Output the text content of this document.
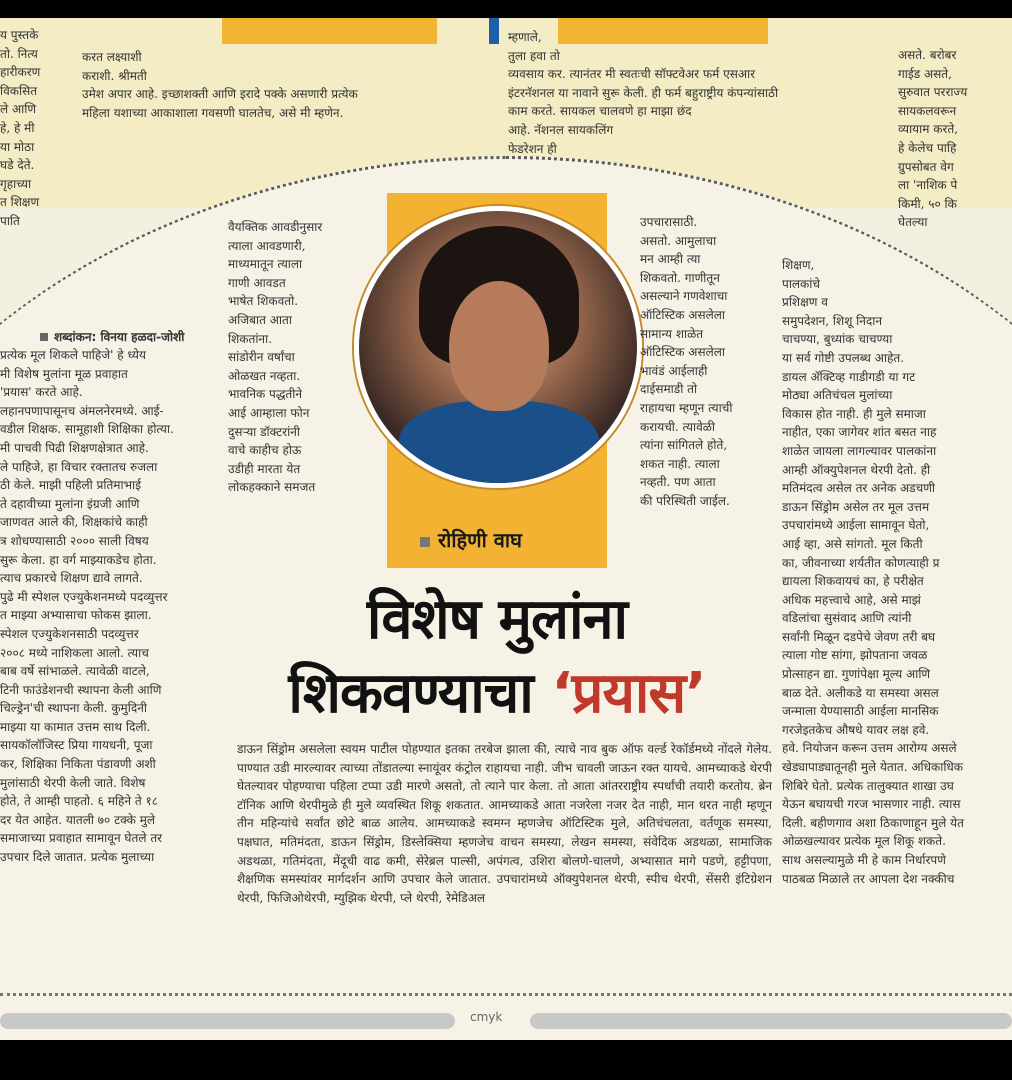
य पुस्तके
तो. नित्य
हारीकरण
विकसित
ले आणि
हे, हे मी
या मोठा
घडे देते.
गृहाच्या
त शिक्षण
पाति
करत लक्ष्याशी
कराशी. श्रीमती
उमेश अपार आहे. इच्छाशक्ती आणि इरादे पक्के असणारी प्रत्येक
महिला यशाच्या आकाशाला गवसणी घालतेच, असे मी म्हणेन.
म्हणाले,
तुला हवा तो
व्यवसाय कर. त्यानंतर मी स्वतःची सॉफ्टवेअर फर्म एसआर
इंटरनॅशनल या नावाने सुरू केली. ही फर्म बहुराष्ट्रीय कंपन्यांसाठी
काम करते. सायकल चालवणे हा माझा छंद
आहे. नॅशनल सायकलिंग
फेडरेशन ही

असते. बरोबर
गाईड असते,
सुरुवात परराज्य
सायकलवरून
व्यायाम करते,
हे केलेच पाहि
ग्रुपसोबत वेग
ला 'नाशिक पे
किमी, ५० कि
घेतल्या
शब्दांकन: विनया हळदा-जोशी
प्रत्येक मूल शिकले पाहिजे' हे ध्येय
मी विशेष मुलांना मूळ प्रवाहात
'प्रयास' करते आहे.
लहानपणापासूनच अंमलनेरमध्ये. आई-
वडील शिक्षक. सामूहाशी शिक्षिका होत्या.
मी पाचवी पिढी शिक्षणक्षेत्रात आहे.
ले पाहिजे, हा विचार रक्तातच रुजला
ठी केले. माझी पहिली प्रतिमाभाई
ते दहावीच्या मुलांना इंग्रजी आणि
जाणवत आले की, शिक्षकांचे काही
त्र शोधण्यासाठी २००० साली विषय
सुरू केला. हा वर्ग माझ्याकडेच होता.
त्याच प्रकारचे शिक्षण द्यावे लागते.
पुढे मी स्पेशल एज्युकेशनमध्ये पदव्युत्तर
त माझ्या अभ्यासाचा फोकस झाला.
स्पेशल एज्युकेशनसाठी पदव्युत्तर
२००८ मध्ये नाशिकला आलो. त्याच
बाब वर्षे सांभाळले. त्यावेळी वाटले,
टिनी फाउंडेशनची स्थापना केली आणि
चिल्ड्रेन'ची स्थापना केली. कुमुदिनी
माझ्या या कामात उत्तम साथ दिली.
सायकॉलॉजिस्ट प्रिया गायधनी, पूजा
कर, शिक्षिका निकिता पंडावणी अशी
मुलांसाठी थेरपी केली जाते. विशेष
होते, ते आम्ही पाहतो. ६ महिने ते १८
दर येत आहेत. यातली ७० टक्के मुले
समाजाच्या प्रवाहात सामावून घेतले तर
उपचार दिले जातात. प्रत्येक मुलाच्या
वैयक्तिक आवडीनुसार
त्याला आवडणारी,
माध्यमातून त्याला
गाणी आवडत
भाषेत शिकवतो.
अजिबात आता
शिकतांना.
सांडोरीन वर्षांचा
ओळखत नव्हता.
भावनिक पद्धतीने
आई आम्हाला फोन
दुसऱ्या डॉक्टरांनी
वाचे काहीच होऊ
उडीही मारता येत
लोकहक्काने समजत
रोहिणी वाघ
उपचारासाठी.
असतो. आमुलाचा
मन आम्ही त्या
शिकवतो. गाणीतून
असल्याने गणवेशाचा
ऑटिस्टिक असलेला
सामान्य शाळेत
ऑटिस्टिक असलेला
भावंडं आईलाही
दाईसमाडी तो
राहायचा म्हणून त्याची
करायची. त्यावेळी
त्यांना सांगितले होते,
शकत नाही. त्याला
नव्हती. पण आता
की परिस्थिती जाईल.
शिक्षण,
पालकांचे
प्रशिक्षण व
समुपदेशन, शिशू निदान
चाचण्या, बुध्यांक चाचण्या
या सर्व गोष्टी उपलब्ध आहेत.
डायल ॲक्टिव्ह गाडीगडी या गट
मोठ्या अतिचंचल मुलांच्या
विकास होत नाही. ही मुले समाजा
नाहीत, एका जागेवर शांत बसत नाह
शाळेत जायला लागल्यावर पालकांना
आम्ही ऑक्युपेशनल थेरपी देतो. ही
मतिमंदत्व असेल तर अनेक अडचणी
डाऊन सिंड्रोम असेल तर मूल उत्तम
उपचारांमध्ये आईला सामावून घेतो,
आई व्हा, असे सांगतो. मूल किती
का, जीवनाच्या शर्यतीत कोणत्याही प्र
द्यायला शिकवायचं का, हे परीक्षेत
अधिक महत्त्वाचे आहे, असे माझं
वडिलांचा सुसंवाद आणि त्यांनी
सर्वांनी मिळून दडपेचे जेवण तरी बघ
त्याला गोष्ट सांगा, झोपताना जवळ
प्रोत्साहन द्या. गुणांपेक्षा मूल्य आणि
बाळ देते. अलीकडे या समस्या असल
जन्माला येण्यासाठी आईला मानसिक
गरजेइतकेच औषधे यावर लक्ष हवे.
हवे. नियोजन करून उत्तम आरोग्य असले
खेड्यापाड्यातूनही मुले येतात. अधिकाधिक
शिबिरे घेतो. प्रत्येक तालुक्यात शाखा उघ
येऊन बघायची गरज भासणार नाही. त्यास
दिली. बहीणगाव अशा ठिकाणाहून मुले येत
ओळखल्यावर प्रत्येक मूल शिकू शकते.
साथ असल्यामुळे मी हे काम निर्धारपणे
पाठबळ मिळाले तर आपला देश नक्कीच
विशेष मुलांना
शिकवण्याचा ‘प्रयास’
डाऊन सिंड्रोम असलेला स्वयम पाटील पोहण्यात इतका तरबेज झाला की, त्याचे नाव बुक ऑफ वर्ल्ड रेकॉर्डमध्ये नोंदले गेलेय. पाण्यात उडी मारल्यावर त्याच्या तोंडातल्या स्नायूंवर कंट्रोल राहायचा नाही. जीभ चावली जाऊन रक्त यायचे. आमच्याकडे थेरपी घेतल्यावर पोहण्याचा पहिला टप्पा उडी मारणे असतो, तो त्याने पार केला. तो आता आंतरराष्ट्रीय स्पर्धांची तयारी करतोय. ब्रेन टॉनिक आणि थेरपीमुळे ही मुले व्यवस्थित शिकू शकतात. आमच्याकडे आता नजरेला नजर देत नाही, मान धरत नाही म्हणून तीन महिन्यांचे सर्वांत छोटे बाळ आलेय. आमच्याकडे स्वमग्न म्हणजेच ऑटिस्टिक मुले, अतिचंचलता, वर्तणूक समस्या, पक्षघात, मतिमंदता, डाऊन सिंड्रोम, डिस्लेक्सिया म्हणजेच वाचन समस्या, लेखन समस्या, संवेदिक अडथळा, सामाजिक अडथळा, गतिमंदता, मेंदूची वाढ कमी, सेरेब्रल पाल्सी, अपंगत्व, उशिरा बोलणे-चालणे, अभ्यासात मागे पडणे, हट्टीपणा, शैक्षणिक समस्यांवर मार्गदर्शन आणि उपचार केले जातात. उपचारांमध्ये ऑक्युपेशनल थेरपी, स्पीच थेरपी, सेंसरी इंटिग्रेशन थेरपी, फिजिओथेरपी, म्युझिक थेरपी, प्ले थेरपी, रेमेडिअल
cmyk
